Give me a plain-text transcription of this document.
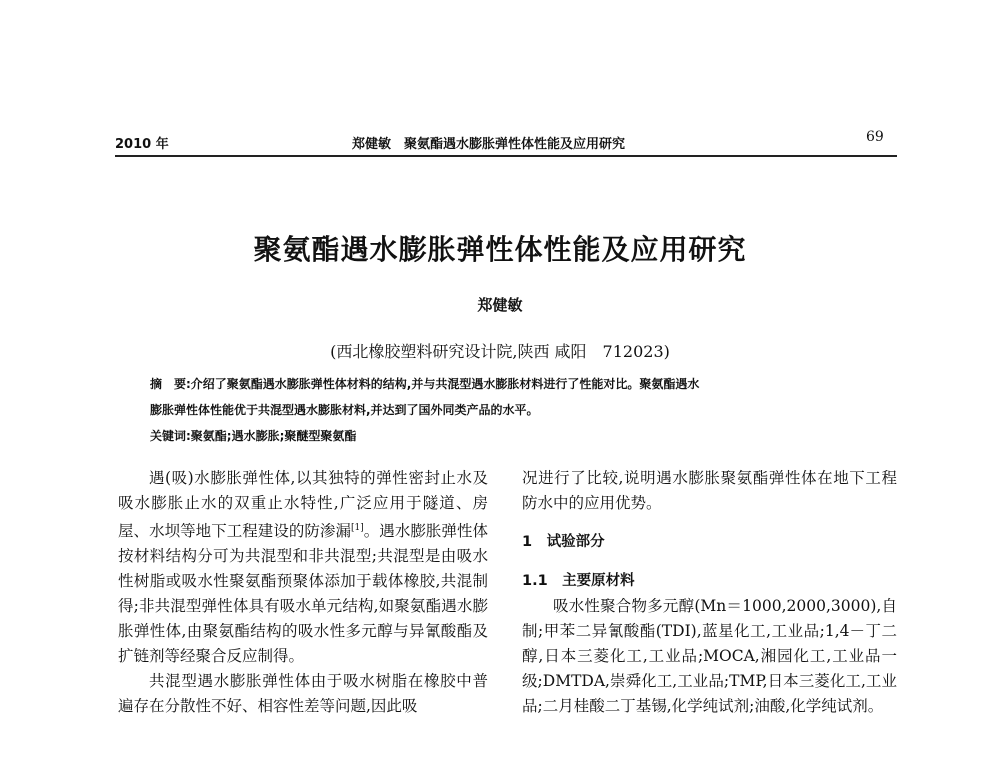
2010 年	郑健敏　聚氨酯遇水膨胀弹性体性能及应用研究	69
聚氨酯遇水膨胀弹性体性能及应用研究
郑健敏
(西北橡胶塑料研究设计院,陕西 咸阳　712023)
摘　要:介绍了聚氨酯遇水膨胀弹性体材料的结构,并与共混型遇水膨胀材料进行了性能对比。聚氨酯遇水
膨胀弹性体性能优于共混型遇水膨胀材料,并达到了国外同类产品的水平。
关键词:聚氨酯;遇水膨胀;聚醚型聚氨酯

遇(吸)水膨胀弹性体,以其独特的弹性密封止水及吸水膨胀止水的双重止水特性,广泛应用于隧道、房屋、水坝等地下工程建设的防渗漏[1]。遇水膨胀弹性体按材料结构分可为共混型和非共混型;共混型是由吸水性树脂或吸水性聚氨酯预聚体添加于载体橡胶,共混制得;非共混型弹性体具有吸水单元结构,如聚氨酯遇水膨胀弹性体,由聚氨酯结构的吸水性多元醇与异氰酸酯及扩链剂等经聚合反应制得。

共混型遇水膨胀弹性体由于吸水树脂在橡胶中普遍存在分散性不好、相容性差等问题,因此吸

况进行了比较,说明遇水膨胀聚氨酯弹性体在地下工程防水中的应用优势。

1　试验部分

1.1　主要原材料

吸水性聚合物多元醇(Mn＝1000,2000,3000),自制;甲苯二异氰酸酯(TDI),蓝星化工,工业品;1,4－丁二醇,日本三菱化工,工业品;MOCA,湘园化工,工业品一级;DMTDA,崇舜化工,工业品;TMP,日本三菱化工,工业品;二月桂酸二丁基锡,化学纯试剂;油酸,化学纯试剂。
